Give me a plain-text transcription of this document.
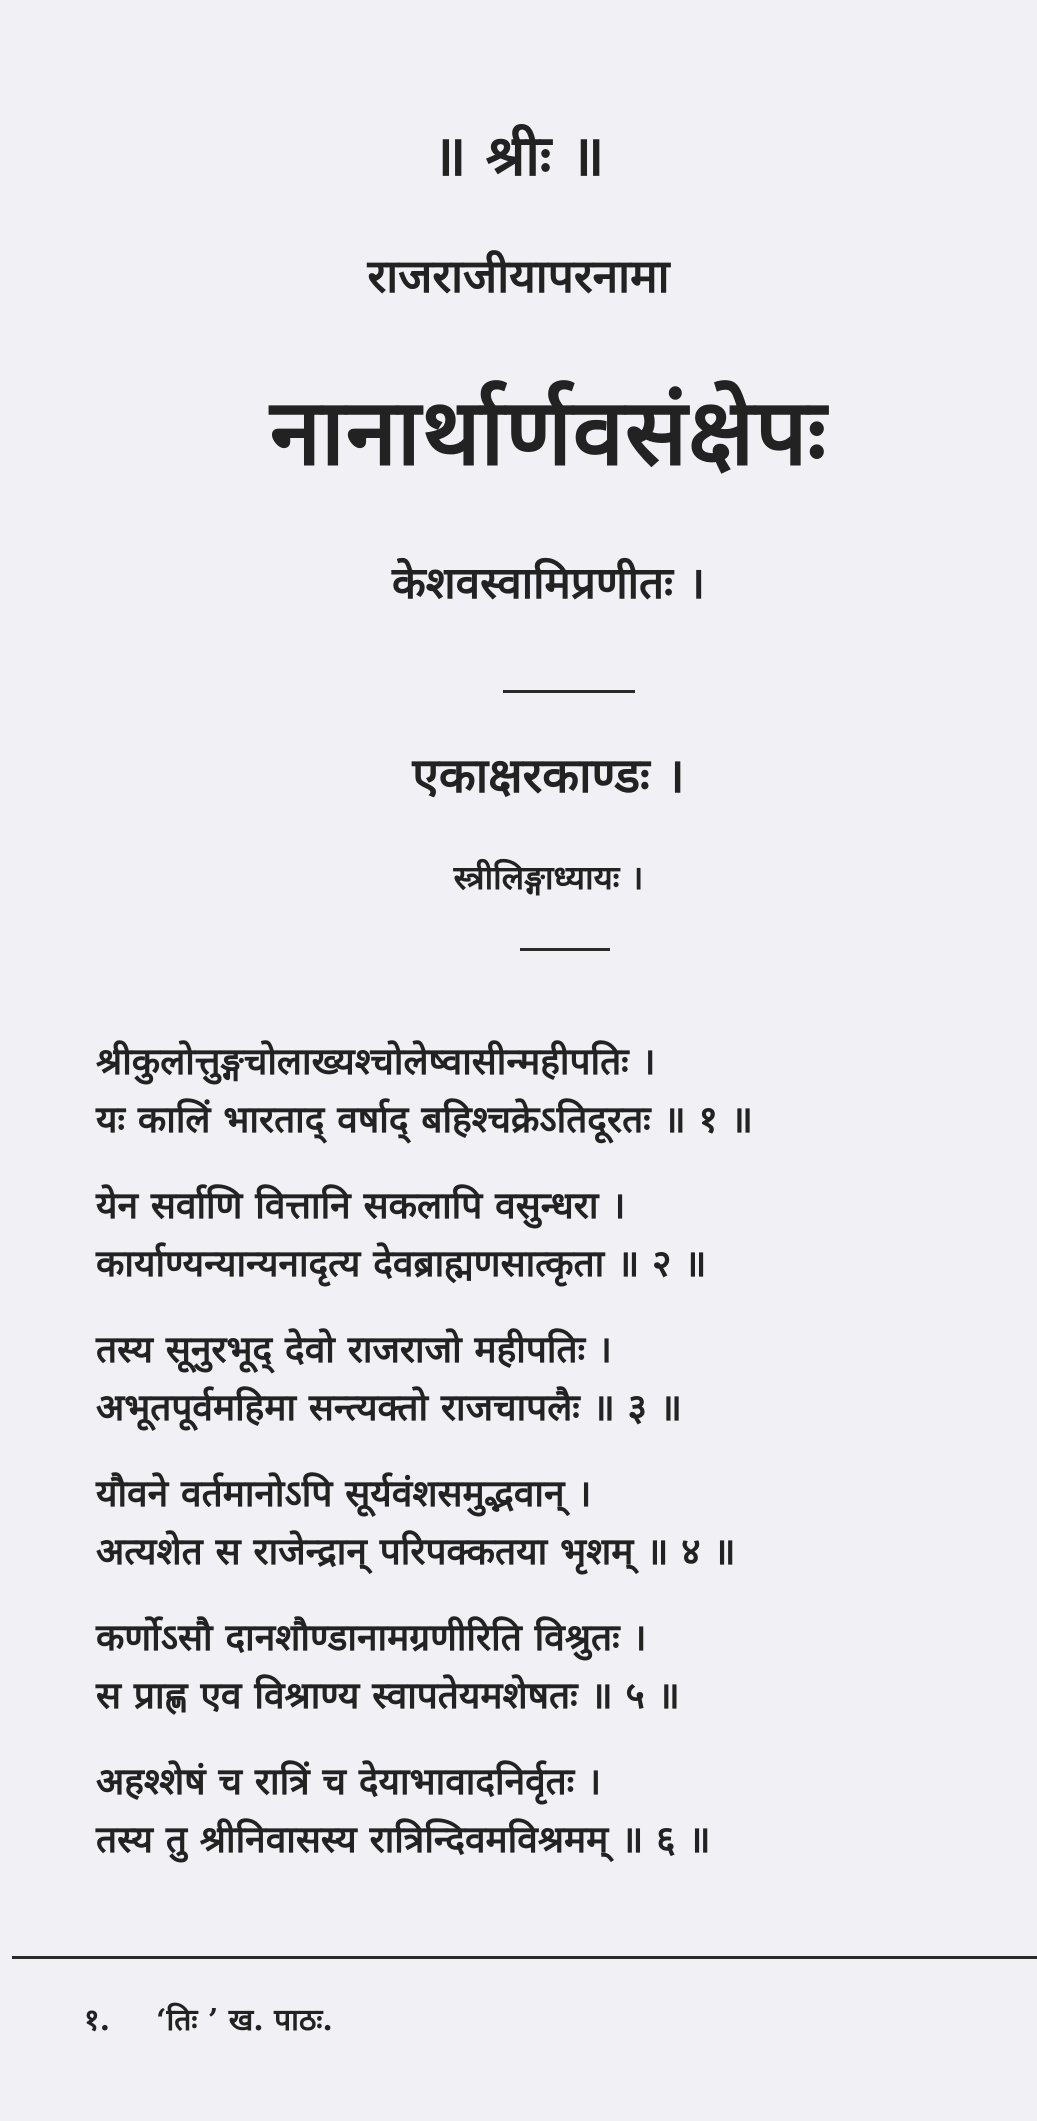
॥ श्रीः ॥
राजराजीयापरनामा
नानार्थार्णवसंक्षेपः
केशवस्वामिप्रणीतः ।
एकाक्षरकाण्डः ।
स्त्रीलिङ्गाध्यायः ।
श्रीकुलोत्तुङ्गचोलाख्यश्चोलेष्वासीन्महीपतिः ।
यः कालिं भारताद् वर्षाद् बहिश्चक्रेऽतिदूरतः ॥ १ ॥
येन सर्वाणि वित्तानि सकलापि वसुन्धरा ।
कार्याण्यन्यान्यनादृत्य देवब्राह्मणसात्कृता ॥ २ ॥
तस्य सूनुरभूद् देवो राजराजो महीपतिः ।
अभूतपूर्वमहिमा सन्त्यक्तो राजचापलैः ॥ ३ ॥
यौवने वर्तमानोऽपि सूर्यवंशसमुद्भवान् ।
अत्यशेत स राजेन्द्रान् परिपक्कतया भृशम् ॥ ४ ॥
कर्णोऽसौ दानशौण्डानामग्रणीरिति विश्रुतः ।
स प्राह्ण एव विश्राण्य स्वापतेयमशेषतः ॥ ५ ॥
अहश्शेषं च रात्रिं च देयाभावादनिर्वृतः ।
तस्य तु श्रीनिवासस्य रात्रिन्दिवमविश्रमम् ॥ ६ ॥
१. ‘तिः ’ ख. पाठः.
